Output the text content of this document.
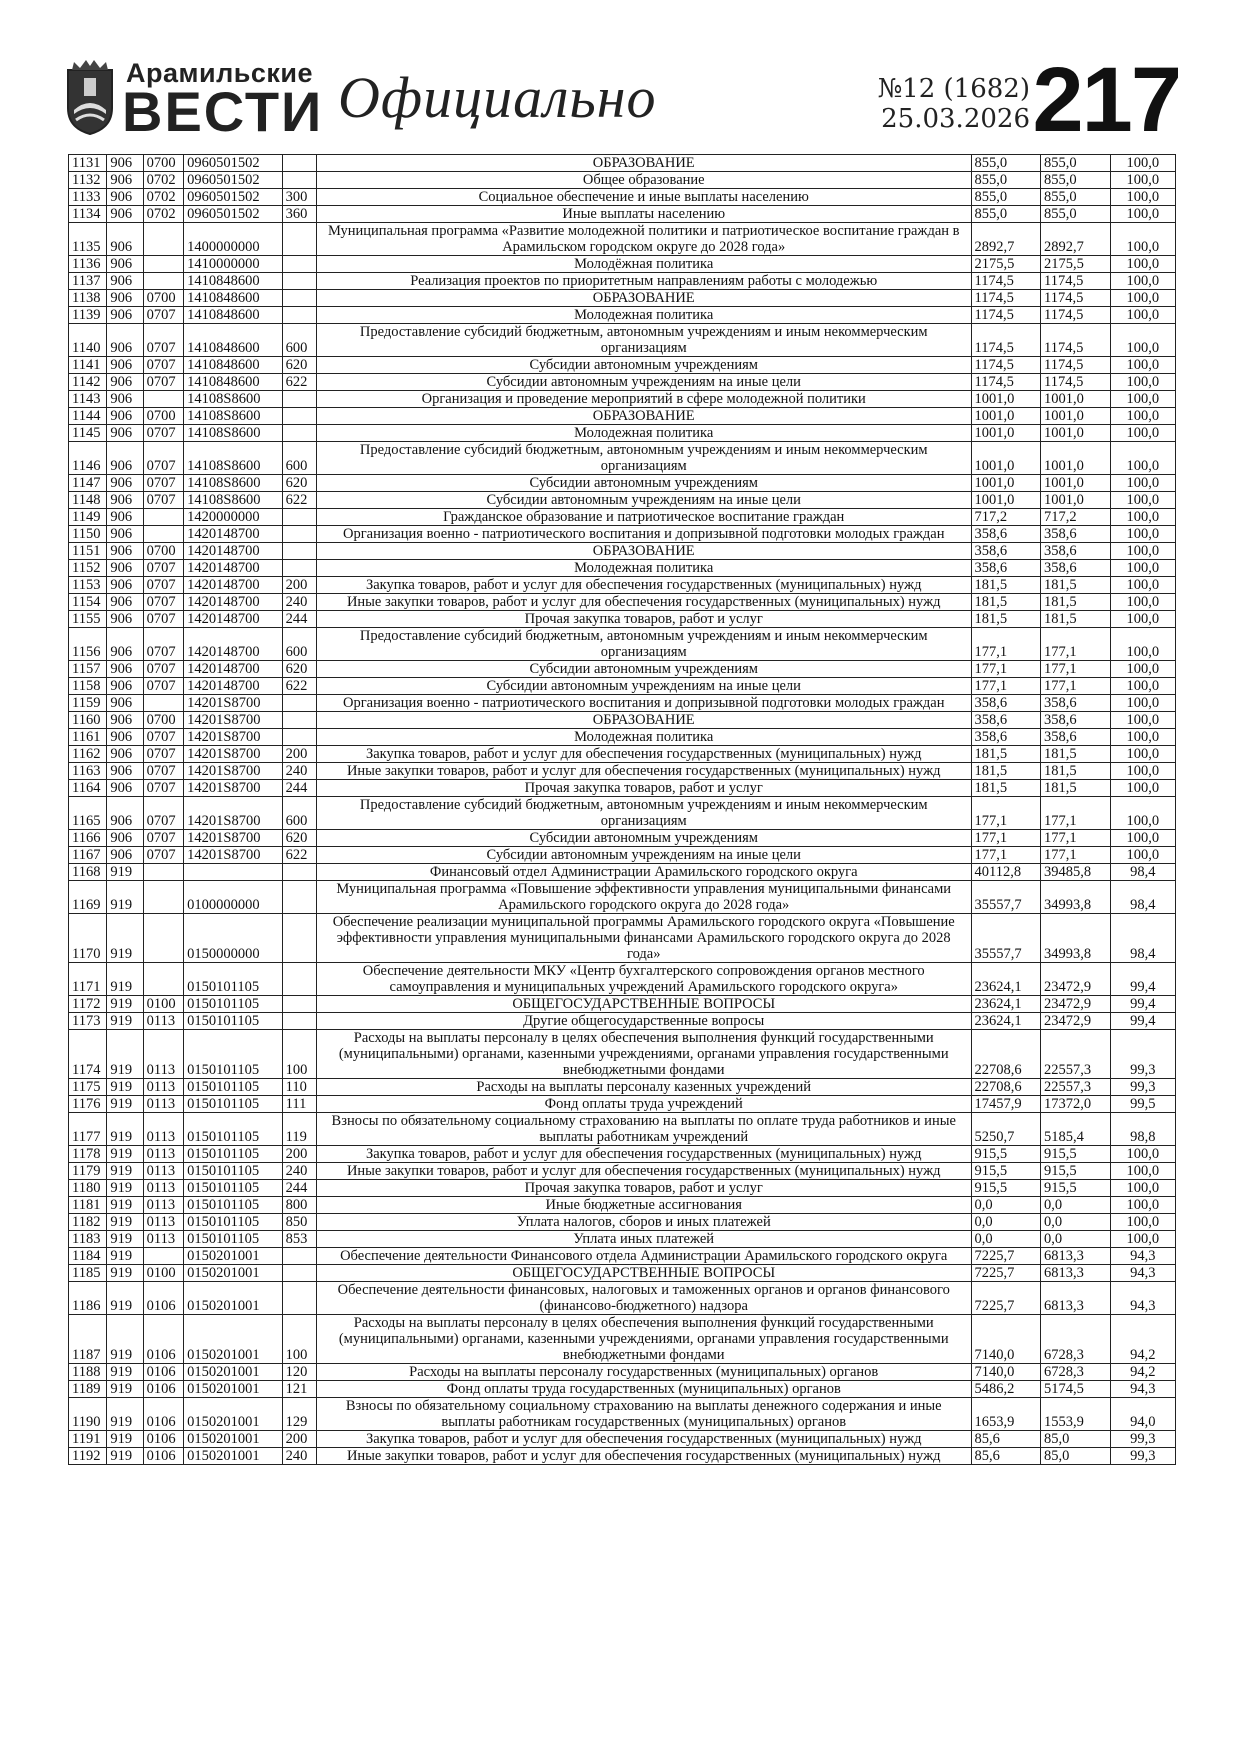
Арамильские
ВЕСТИ Официально	№12 (1682)
25.03.2026 217
1131	906	0700	0960501502		ОБРАЗОВАНИЕ	855,0	855,0	100,0
1132	906	0702	0960501502		Общее образование	855,0	855,0	100,0
1133	906	0702	0960501502	300	Социальное обеспечение и иные выплаты населению	855,0	855,0	100,0
1134	906	0702	0960501502	360	Иные выплаты населению	855,0	855,0	100,0
1135	906		1400000000		Муниципальная программа «Развитие молодежной политики и патриотическое воспитание граждан в Арамильском городском округе до 2028 года»	2892,7	2892,7	100,0
1136	906		1410000000		Молодёжная политика	2175,5	2175,5	100,0
1137	906		1410848600		Реализация проектов по приоритетным направлениям работы с молодежью	1174,5	1174,5	100,0
1138	906	0700	1410848600		ОБРАЗОВАНИЕ	1174,5	1174,5	100,0
1139	906	0707	1410848600		Молодежная политика	1174,5	1174,5	100,0
1140	906	0707	1410848600	600	Предоставление субсидий бюджетным, автономным учреждениям и иным некоммерческим организациям	1174,5	1174,5	100,0
1141	906	0707	1410848600	620	Субсидии автономным учреждениям	1174,5	1174,5	100,0
1142	906	0707	1410848600	622	Субсидии автономным учреждениям на иные цели	1174,5	1174,5	100,0
1143	906		14108S8600		Организация и проведение мероприятий в сфере молодежной политики	1001,0	1001,0	100,0
1144	906	0700	14108S8600		ОБРАЗОВАНИЕ	1001,0	1001,0	100,0
1145	906	0707	14108S8600		Молодежная политика	1001,0	1001,0	100,0
1146	906	0707	14108S8600	600	Предоставление субсидий бюджетным, автономным учреждениям и иным некоммерческим организациям	1001,0	1001,0	100,0
1147	906	0707	14108S8600	620	Субсидии автономным учреждениям	1001,0	1001,0	100,0
1148	906	0707	14108S8600	622	Субсидии автономным учреждениям на иные цели	1001,0	1001,0	100,0
1149	906		1420000000		Гражданское образование и патриотическое воспитание граждан	717,2	717,2	100,0
1150	906		1420148700		Организация военно - патриотического воспитания и допризывной подготовки молодых граждан	358,6	358,6	100,0
1151	906	0700	1420148700		ОБРАЗОВАНИЕ	358,6	358,6	100,0
1152	906	0707	1420148700		Молодежная политика	358,6	358,6	100,0
1153	906	0707	1420148700	200	Закупка товаров, работ и услуг для обеспечения государственных (муниципальных) нужд	181,5	181,5	100,0
1154	906	0707	1420148700	240	Иные закупки товаров, работ и услуг для обеспечения государственных (муниципальных) нужд	181,5	181,5	100,0
1155	906	0707	1420148700	244	Прочая закупка товаров, работ и услуг	181,5	181,5	100,0
1156	906	0707	1420148700	600	Предоставление субсидий бюджетным, автономным учреждениям и иным некоммерческим организациям	177,1	177,1	100,0
1157	906	0707	1420148700	620	Субсидии автономным учреждениям	177,1	177,1	100,0
1158	906	0707	1420148700	622	Субсидии автономным учреждениям на иные цели	177,1	177,1	100,0
1159	906		14201S8700		Организация военно - патриотического воспитания и допризывной подготовки молодых граждан	358,6	358,6	100,0
1160	906	0700	14201S8700		ОБРАЗОВАНИЕ	358,6	358,6	100,0
1161	906	0707	14201S8700		Молодежная политика	358,6	358,6	100,0
1162	906	0707	14201S8700	200	Закупка товаров, работ и услуг для обеспечения государственных (муниципальных) нужд	181,5	181,5	100,0
1163	906	0707	14201S8700	240	Иные закупки товаров, работ и услуг для обеспечения государственных (муниципальных) нужд	181,5	181,5	100,0
1164	906	0707	14201S8700	244	Прочая закупка товаров, работ и услуг	181,5	181,5	100,0
1165	906	0707	14201S8700	600	Предоставление субсидий бюджетным, автономным учреждениям и иным некоммерческим организациям	177,1	177,1	100,0
1166	906	0707	14201S8700	620	Субсидии автономным учреждениям	177,1	177,1	100,0
1167	906	0707	14201S8700	622	Субсидии автономным учреждениям на иные цели	177,1	177,1	100,0
1168	919				Финансовый отдел Администрации Арамильского городского округа	40112,8	39485,8	98,4
1169	919		0100000000		Муниципальная программа «Повышение эффективности управления муниципальными финансами Арамильского городского округа до 2028 года»	35557,7	34993,8	98,4
1170	919		0150000000		Обеспечение реализации муниципальной программы Арамильского городского округа «Повышение эффективности управления муниципальными финансами Арамильского городского округа до 2028 года»	35557,7	34993,8	98,4
1171	919		0150101105		Обеспечение деятельности МКУ «Центр бухгалтерского сопровождения органов местного самоуправления и муниципальных учреждений Арамильского городского округа»	23624,1	23472,9	99,4
1172	919	0100	0150101105		ОБЩЕГОСУДАРСТВЕННЫЕ ВОПРОСЫ	23624,1	23472,9	99,4
1173	919	0113	0150101105		Другие общегосударственные вопросы	23624,1	23472,9	99,4
1174	919	0113	0150101105	100	Расходы на выплаты персоналу в целях обеспечения выполнения функций государственными (муниципальными) органами, казенными учреждениями, органами управления государственными внебюджетными фондами	22708,6	22557,3	99,3
1175	919	0113	0150101105	110	Расходы на выплаты персоналу казенных учреждений	22708,6	22557,3	99,3
1176	919	0113	0150101105	111	Фонд оплаты труда учреждений	17457,9	17372,0	99,5
1177	919	0113	0150101105	119	Взносы по обязательному социальному страхованию на выплаты по оплате труда работников и иные выплаты работникам учреждений	5250,7	5185,4	98,8
1178	919	0113	0150101105	200	Закупка товаров, работ и услуг для обеспечения государственных (муниципальных) нужд	915,5	915,5	100,0
1179	919	0113	0150101105	240	Иные закупки товаров, работ и услуг для обеспечения государственных (муниципальных) нужд	915,5	915,5	100,0
1180	919	0113	0150101105	244	Прочая закупка товаров, работ и услуг	915,5	915,5	100,0
1181	919	0113	0150101105	800	Иные бюджетные ассигнования	0,0	0,0	100,0
1182	919	0113	0150101105	850	Уплата налогов, сборов и иных платежей	0,0	0,0	100,0
1183	919	0113	0150101105	853	Уплата иных платежей	0,0	0,0	100,0
1184	919		0150201001		Обеспечение деятельности Финансового отдела Администрации Арамильского городского округа	7225,7	6813,3	94,3
1185	919	0100	0150201001		ОБЩЕГОСУДАРСТВЕННЫЕ ВОПРОСЫ	7225,7	6813,3	94,3
1186	919	0106	0150201001		Обеспечение деятельности финансовых, налоговых и таможенных органов и органов финансового (финансово-бюджетного) надзора	7225,7	6813,3	94,3
1187	919	0106	0150201001	100	Расходы на выплаты персоналу в целях обеспечения выполнения функций государственными (муниципальными) органами, казенными учреждениями, органами управления государственными внебюджетными фондами	7140,0	6728,3	94,2
1188	919	0106	0150201001	120	Расходы на выплаты персоналу государственных (муниципальных) органов	7140,0	6728,3	94,2
1189	919	0106	0150201001	121	Фонд оплаты труда государственных (муниципальных) органов	5486,2	5174,5	94,3
1190	919	0106	0150201001	129	Взносы по обязательному социальному страхованию на выплаты денежного содержания и иные выплаты работникам государственных (муниципальных) органов	1653,9	1553,9	94,0
1191	919	0106	0150201001	200	Закупка товаров, работ и услуг для обеспечения государственных (муниципальных) нужд	85,6	85,0	99,3
1192	919	0106	0150201001	240	Иные закупки товаров, работ и услуг для обеспечения государственных (муниципальных) нужд	85,6	85,0	99,3
